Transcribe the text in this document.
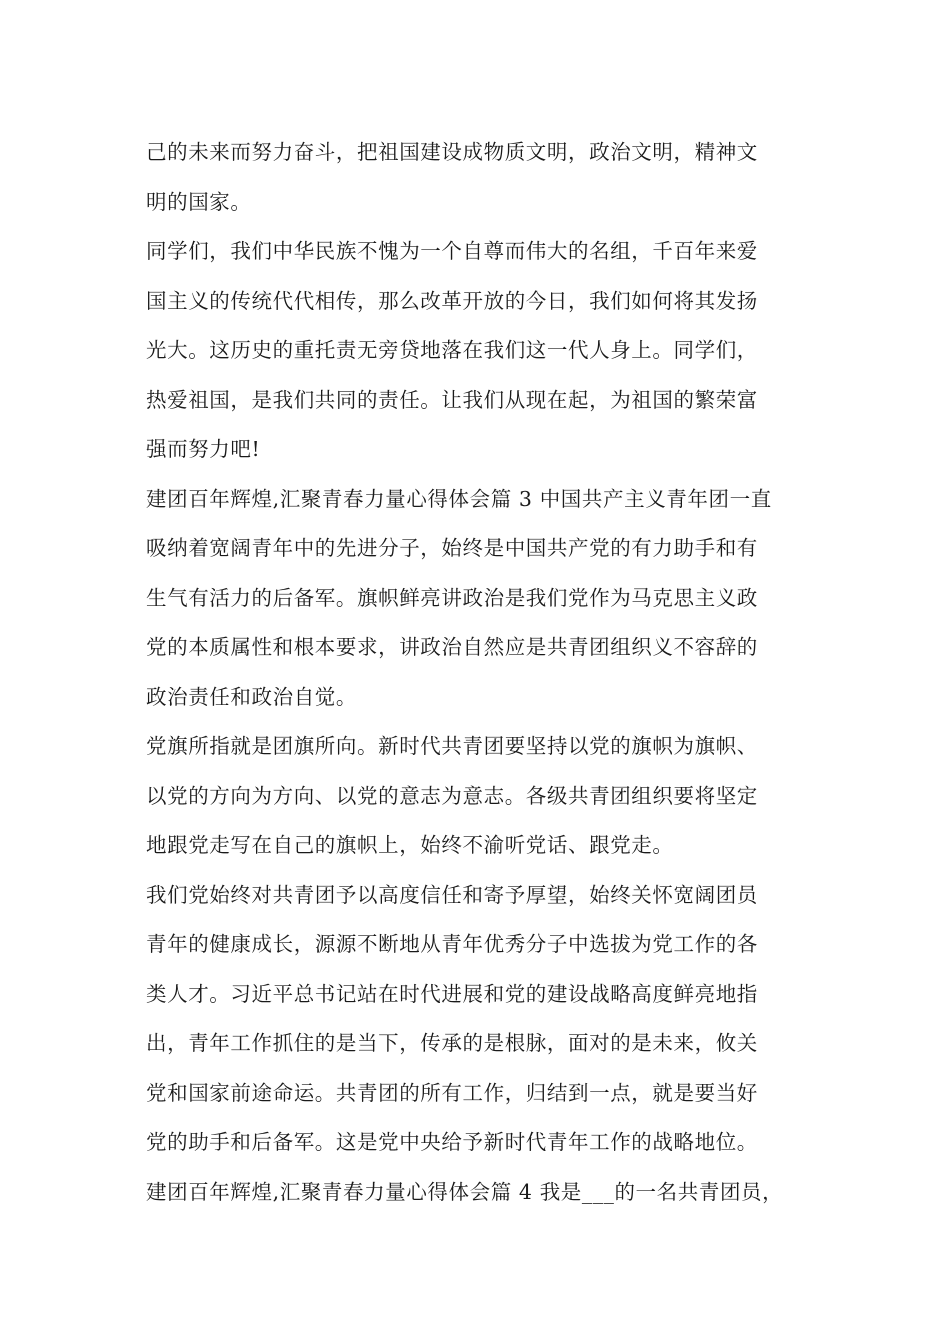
己的未来而努力奋斗，把祖国建设成物质文明，政治文明，精神文
明的国家。
同学们，我们中华民族不愧为一个自尊而伟大的名组，千百年来爱
国主义的传统代代相传，那么改革开放的今日，我们如何将其发扬
光大。这历史的重托责无旁贷地落在我们这一代人身上。同学们，
热爱祖国，是我们共同的责任。让我们从现在起，为祖国的繁荣富
强而努力吧!
建团百年辉煌,汇聚青春力量心得体会篇 3 中国共产主义青年团一直
吸纳着宽阔青年中的先进分子，始终是中国共产党的有力助手和有
生气有活力的后备军。旗帜鲜亮讲政治是我们党作为马克思主义政
党的本质属性和根本要求，讲政治自然应是共青团组织义不容辞的
政治责任和政治自觉。
党旗所指就是团旗所向。新时代共青团要坚持以党的旗帜为旗帜、
以党的方向为方向、以党的意志为意志。各级共青团组织要将坚定
地跟党走写在自己的旗帜上，始终不渝听党话、跟党走。
我们党始终对共青团予以高度信任和寄予厚望，始终关怀宽阔团员
青年的健康成长，源源不断地从青年优秀分子中选拔为党工作的各
类人才。习近平总书记站在时代进展和党的建设战略高度鲜亮地指
出，青年工作抓住的是当下，传承的是根脉，面对的是未来，攸关
党和国家前途命运。共青团的所有工作，归结到一点，就是要当好
党的助手和后备军。这是党中央给予新时代青年工作的战略地位。
建团百年辉煌,汇聚青春力量心得体会篇 4 我是___的一名共青团员，
